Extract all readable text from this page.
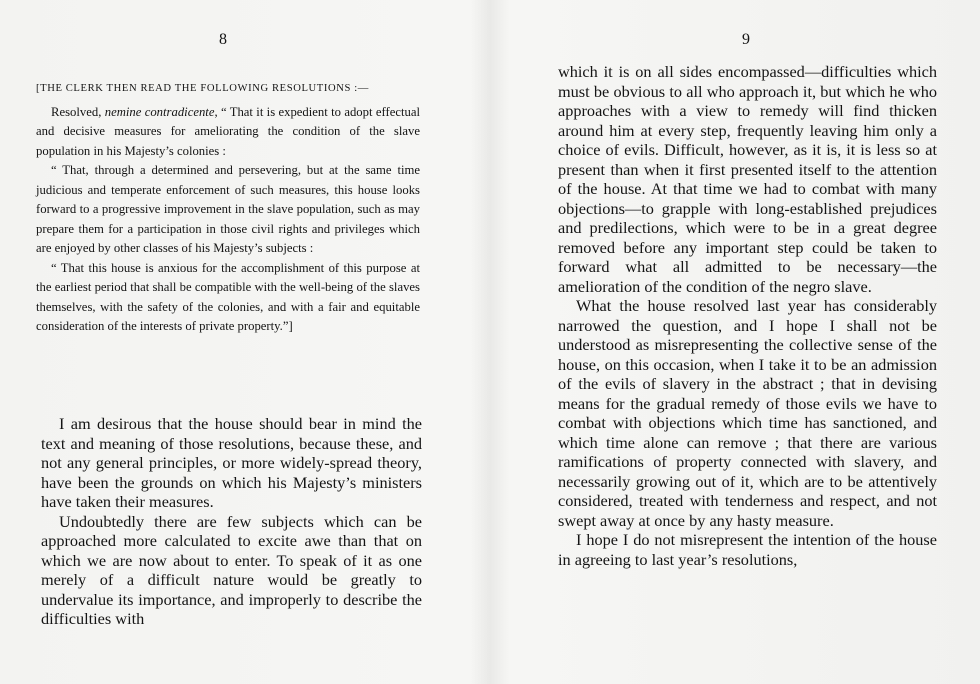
8

[THE CLERK THEN READ THE FOLLOWING RESOLUTIONS :—

Resolved, nemine contradicente, “ That it is expedient to adopt effectual and decisive measures for ameliorating the condition of the slave population in his Majesty’s colonies :

“ That, through a determined and persevering, but at the same time judicious and temperate enforcement of such measures, this house looks forward to a progressive improvement in the slave population, such as may prepare them for a participation in those civil rights and privileges which are enjoyed by other classes of his Majesty’s subjects :

“ That this house is anxious for the accomplishment of this purpose at the earliest period that shall be compatible with the well-being of the slaves themselves, with the safety of the colonies, and with a fair and equitable consideration of the interests of private property.”]

I am desirous that the house should bear in mind the text and meaning of those resolutions, because these, and not any general principles, or more widely-spread theory, have been the grounds on which his Majesty’s ministers have taken their measures.

Undoubtedly there are few subjects which can be approached more calculated to excite awe than that on which we are now about to enter. To speak of it as one merely of a difficult nature would be greatly to undervalue its importance, and improperly to describe the difficulties with

9

which it is on all sides encompassed—difficulties which must be obvious to all who approach it, but which he who approaches with a view to remedy will find thicken around him at every step, frequently leaving him only a choice of evils. Difficult, however, as it is, it is less so at present than when it first presented itself to the attention of the house. At that time we had to combat with many objections—to grapple with long-established prejudices and predilections, which were to be in a great degree removed before any important step could be taken to forward what all admitted to be necessary—the amelioration of the condition of the negro slave.

What the house resolved last year has considerably narrowed the question, and I hope I shall not be understood as misrepresenting the collective sense of the house, on this occasion, when I take it to be an admission of the evils of slavery in the abstract ; that in devising means for the gradual remedy of those evils we have to combat with objections which time has sanctioned, and which time alone can remove ; that there are various ramifications of property connected with slavery, and necessarily growing out of it, which are to be attentively considered, treated with tenderness and respect, and not swept away at once by any hasty measure.

I hope I do not misrepresent the intention of the house in agreeing to last year’s resolutions,
